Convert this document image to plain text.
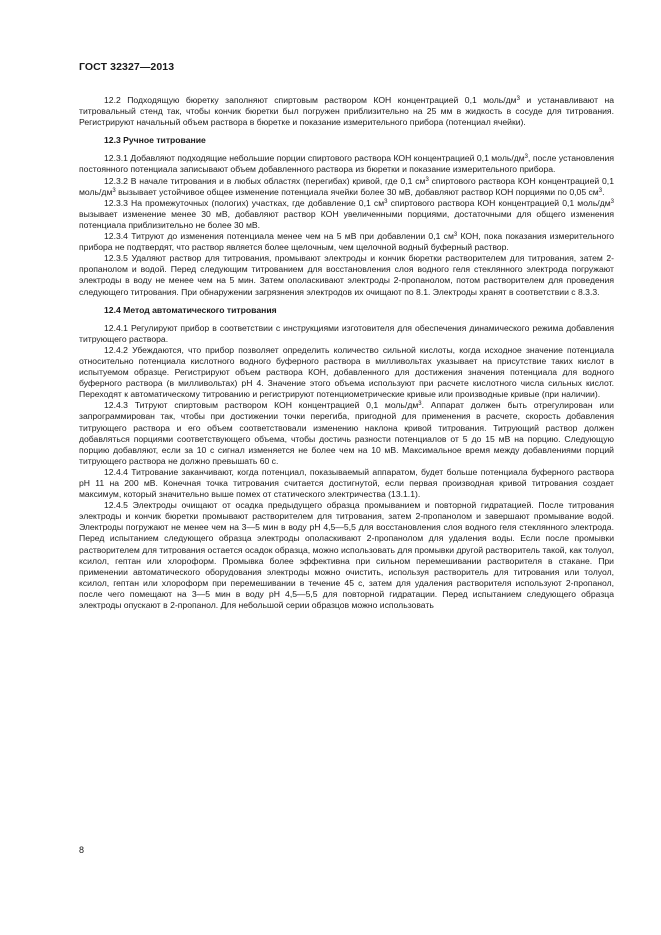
ГОСТ 32327—2013

12.2 Подходящую бюретку заполняют спиртовым раствором КОН концентрацией 0,1 моль/$дм^3$ и устанавливают на титровальный стенд так, чтобы кончик бюретки был погружен приблизительно на 25 мм в жидкость в сосуде для титрования. Регистрируют начальный объем раствора в бюретке и показание измерительного прибора (потенциал ячейки).

12.3 Ручное титрование

12.3.1 Добавляют подходящие небольшие порции спиртового раствора КОН концентрацией 0,1 моль/$дм^3$, после установления постоянного потенциала записывают объем добавленного раствора из бюретки и показание измерительного прибора.

12.3.2 В начале титрования и в любых областях (перегибах) кривой, где 0,1 $см^3$ спиртового раствора КОН концентрацией 0,1 моль/$дм^3$ вызывает устойчивое общее изменение потенциала ячейки более 30 мВ, добавляют раствор КОН порциями по 0,05 $см^3$.

12.3.3 На промежуточных (пологих) участках, где добавление 0,1 $см^3$ спиртового раствора КОН концентрацией 0,1 моль/$дм^3$ вызывает изменение менее 30 мВ, добавляют раствор КОН увеличенными порциями, достаточными для общего изменения потенциала приблизительно не более 30 мВ.

12.3.4 Титруют до изменения потенциала менее чем на 5 мВ при добавлении 0,1 $см^3$ КОН, пока показания измерительного прибора не подтвердят, что раствор является более щелочным, чем щелочной водный буферный раствор.

12.3.5 Удаляют раствор для титрования, промывают электроды и кончик бюретки растворителем для титрования, затем 2-пропанолом и водой. Перед следующим титрованием для восстановления слоя водного геля стеклянного электрода погружают электроды в воду не менее чем на 5 мин. Затем ополаскивают электроды 2-пропанолом, потом растворителем для проведения следующего титрования. При обнаружении загрязнения электродов их очищают по 8.1. Электроды хранят в соответствии с 8.3.3.

12.4 Метод автоматического титрования

12.4.1 Регулируют прибор в соответствии с инструкциями изготовителя для обеспечения динамического режима добавления титрующего раствора.

12.4.2 Убеждаются, что прибор позволяет определить количество сильной кислоты, когда исходное значение потенциала относительно потенциала кислотного водного буферного раствора в милливольтах указывает на присутствие таких кислот в испытуемом образце. Регистрируют объем раствора КОН, добавленного для достижения значения потенциала для водного буферного раствора (в милливольтах) pH 4. Значение этого объема используют при расчете кислотного числа сильных кислот. Переходят к автоматическому титрованию и регистрируют потенциометрические кривые или производные кривые (при наличии).

12.4.3 Титруют спиртовым раствором КОН концентрацией 0,1 моль/$дм^3$. Аппарат должен быть отрегулирован или запрограммирован так, чтобы при достижении точки перегиба, пригодной для применения в расчете, скорость добавления титрующего раствора и его объем соответствовали изменению наклона кривой титрования. Титрующий раствор должен добавляться порциями соответствующего объема, чтобы достичь разности потенциалов от 5 до 15 мВ на порцию. Следующую порцию добавляют, если за 10 с сигнал изменяется не более чем на 10 мВ. Максимальное время между добавлениями порций титрующего раствора не должно превышать 60 с.

12.4.4 Титрование заканчивают, когда потенциал, показываемый аппаратом, будет больше потенциала буферного раствора pH 11 на 200 мВ. Конечная точка титрования считается достигнутой, если первая производная кривой титрования создает максимум, который значительно выше помех от статического электричества (13.1.1).

12.4.5 Электроды очищают от осадка предыдущего образца промыванием и повторной гидратацией. После титрования электроды и кончик бюретки промывают растворителем для титрования, затем 2-пропанолом и завершают промывание водой. Электроды погружают не менее чем на 3—5 мин в воду pH 4,5—5,5 для восстановления слоя водного геля стеклянного электрода. Перед испытанием следующего образца электроды ополаскивают 2-пропанолом для удаления воды. Если после промывки растворителем для титрования остается осадок образца, можно использовать для промывки другой растворитель такой, как толуол, ксилол, гептан или хлороформ. Промывка более эффективна при сильном перемешивании растворителя в стакане. При применении автоматического оборудования электроды можно очистить, используя растворитель для титрования или толуол, ксилол, гептан или хлороформ при перемешивании в течение 45 с, затем для удаления растворителя используют 2-пропанол, после чего помещают на 3—5 мин в воду pH 4,5—5,5 для повторной гидратации. Перед испытанием следующего образца электроды опускают в 2-пропанол. Для небольшой серии образцов можно использовать

8
